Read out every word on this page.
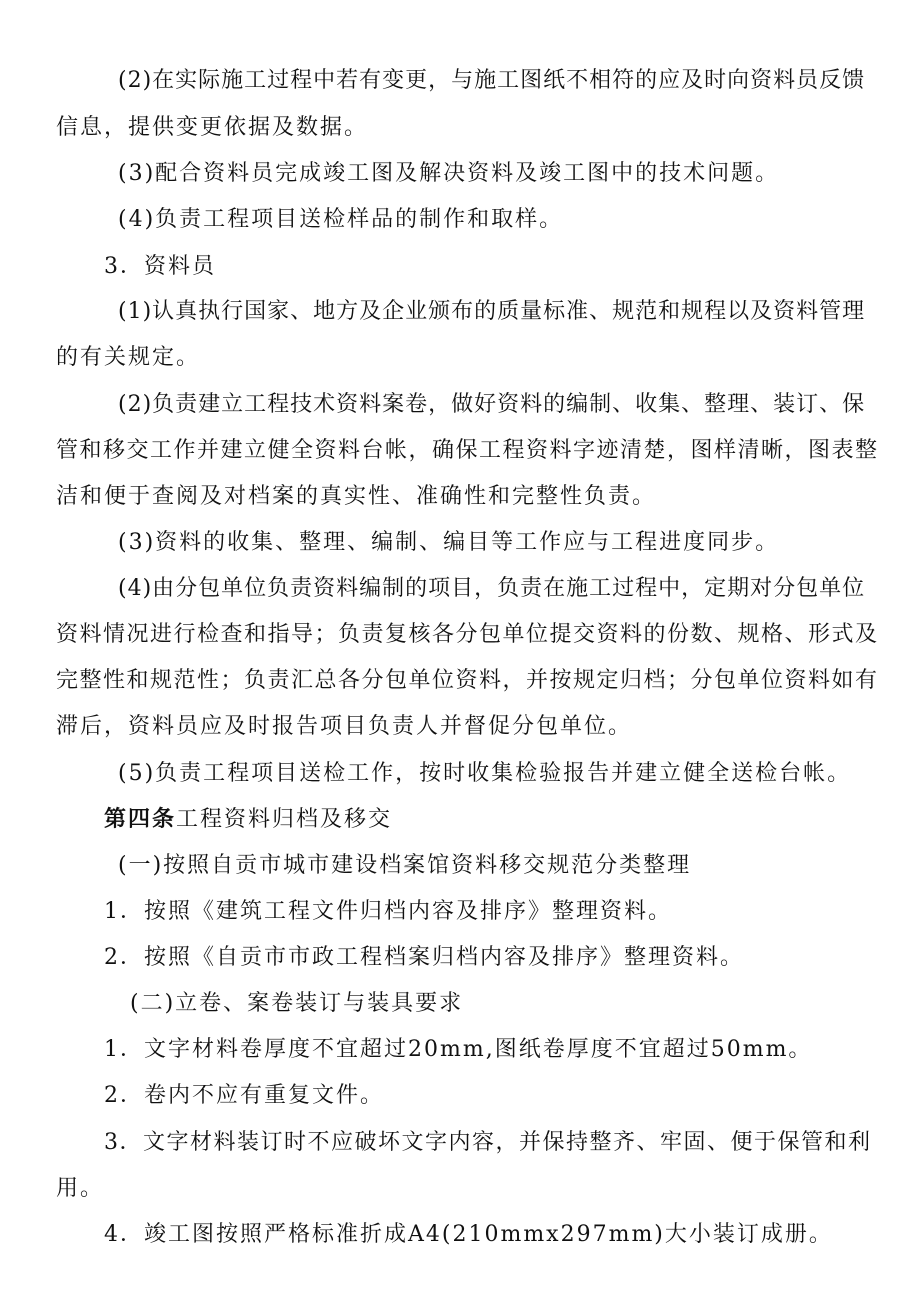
(2)在实际施工过程中若有变更，与施工图纸不相符的应及时向资料员反馈
信息，提供变更依据及数据。
(3)配合资料员完成竣工图及解决资料及竣工图中的技术问题。
(4)负责工程项目送检样品的制作和取样。
3．资料员
(1)认真执行国家、地方及企业颁布的质量标准、规范和规程以及资料管理
的有关规定。
(2)负责建立工程技术资料案卷，做好资料的编制、收集、整理、装订、保
管和移交工作并建立健全资料台帐，确保工程资料字迹清楚，图样清晰，图表整
洁和便于查阅及对档案的真实性、准确性和完整性负责。
(3)资料的收集、整理、编制、编目等工作应与工程进度同步。
(4)由分包单位负责资料编制的项目，负责在施工过程中，定期对分包单位
资料情况进行检查和指导；负责复核各分包单位提交资料的份数、规格、形式及
完整性和规范性；负责汇总各分包单位资料，并按规定归档；分包单位资料如有
滞后，资料员应及时报告项目负责人并督促分包单位。
(5)负责工程项目送检工作，按时收集检验报告并建立健全送检台帐。
第四条工程资料归档及移交
(一)按照自贡市城市建设档案馆资料移交规范分类整理
1．按照《建筑工程文件归档内容及排序》整理资料。
2．按照《自贡市市政工程档案归档内容及排序》整理资料。
(二)立卷、案卷装订与装具要求
1．文字材料卷厚度不宜超过20mm,图纸卷厚度不宜超过50mm。
2．卷内不应有重复文件。
3．文字材料装订时不应破坏文字内容，并保持整齐、牢固、便于保管和利
用。
4．竣工图按照严格标准折成A4(210mmx297mm)大小装订成册。
